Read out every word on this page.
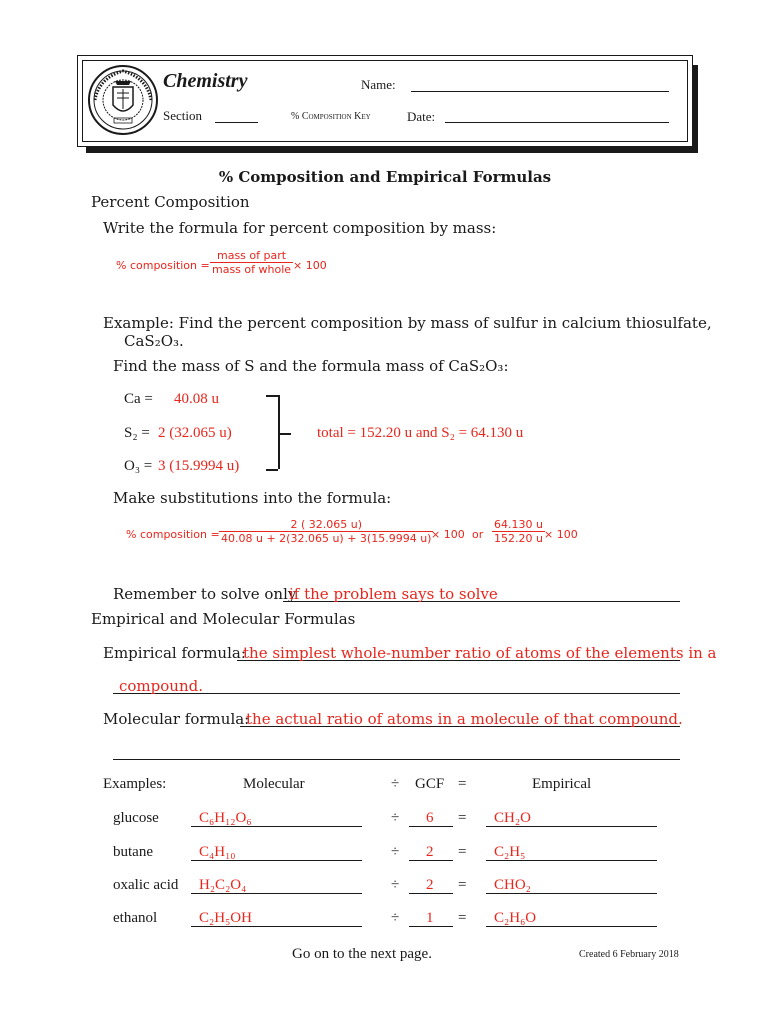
Chemistry	Name:
Section	% Composition Key	Date:
% Composition and Empirical Formulas
Percent Composition
Write the formula for percent composition by mass:
% composition =
mass of part
mass of whole × 100
Example: Find the percent composition by mass of sulfur in calcium thiosulfate,
CaS₂O₃.
Find the mass of S and the formula mass of CaS₂O₃:
Ca = 40.08 u
S₂ = 2 (32.065 u)
O₃ = 3 (15.9994 u)
total = 152.20 u and S₂ = 64.130 u
Make substitutions into the formula:
% composition = $\frac{2 ( 32.065 u)}{40.08 u + 2(32.065 u) + 3(15.9994 u)}$
× 100 or $\frac{64.130 u}{152.20 u} \times 100$
Remember to solve only
if the problem says to solve
Empirical and Molecular Formulas
Empirical formula:
the simplest whole-number ratio of atoms of the elements in a
compound.
Molecular formula:
the actual ratio of atoms in a molecule of that compound.
Examples:	Molecular	÷ GCF =	Empirical
glucose	C₆H₁₂O₆	÷ 6 = CH₂O
butane	C₄H₁₀	÷ 2 = C₂H₅
oxalic acid H₂C₂O₄	÷ 2 = CHO₂
ethanol	C₂H₅OH	÷ 1 = C₂H₆O
Go on to the next page.	Created 6 February 2018
